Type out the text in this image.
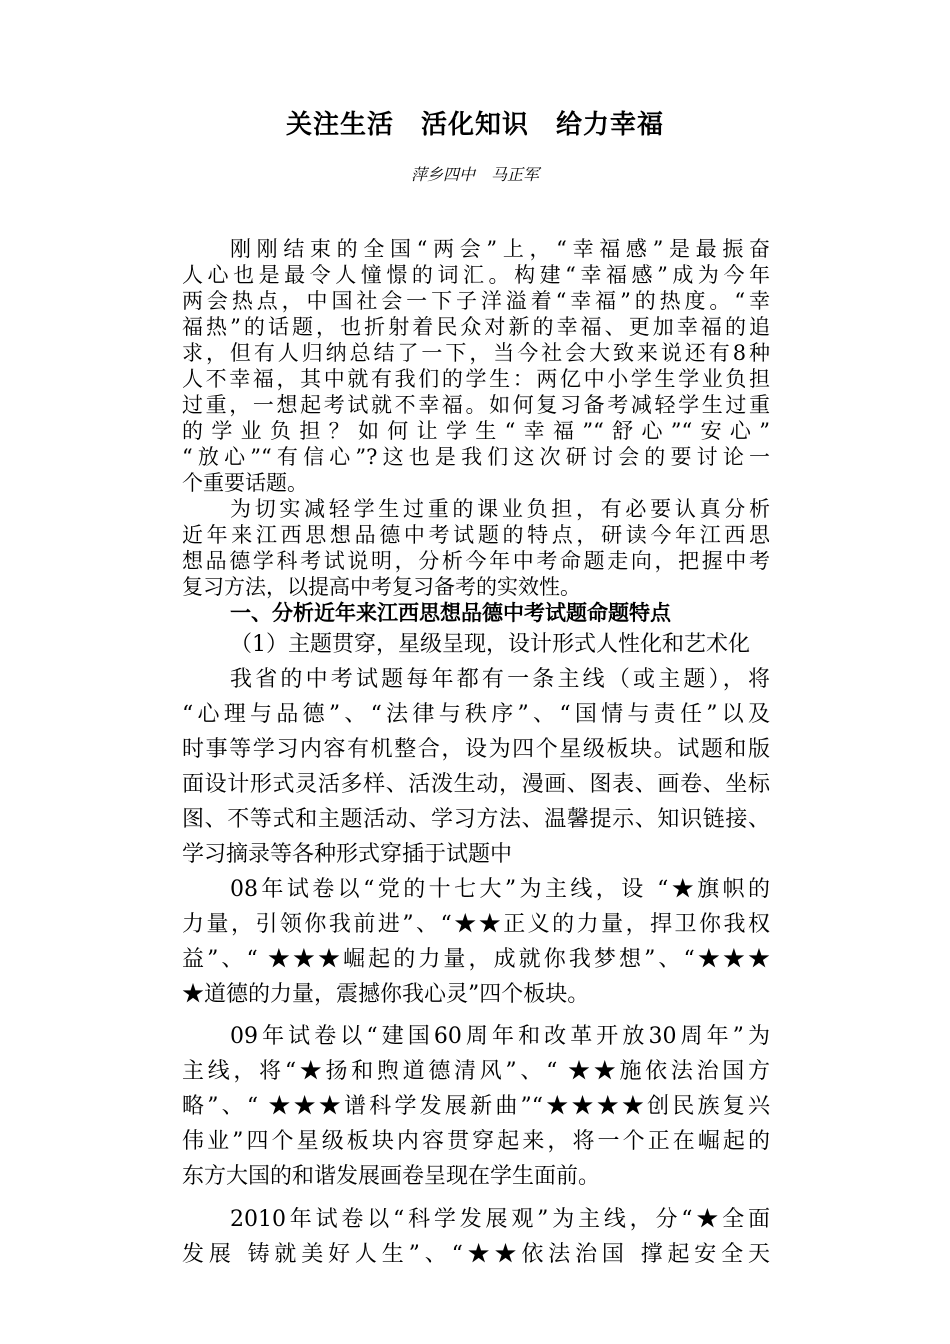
关注生活　活化知识　给力幸福
萍乡四中　马正军
刚刚结束的全国“两会”上，“幸福感”是最振奋
人心也是最令人憧憬的词汇。构建“幸福感”成为今年
两会热点，中国社会一下子洋溢着“幸福”的热度。“幸
福热”的话题，也折射着民众对新的幸福、更加幸福的追
求，但有人归纳总结了一下，当今社会大致来说还有8种
人不幸福，其中就有我们的学生：两亿中小学生学业负担
过重，一想起考试就不幸福。如何复习备考减轻学生过重
的学业负担？如何让学生“幸福”“舒心”“安心”
“放心”“有信心”?这也是我们这次研讨会的要讨论一
个重要话题。
为切实减轻学生过重的课业负担，有必要认真分析
近年来江西思想品德中考试题的特点，研读今年江西思
想品德学科考试说明，分析今年中考命题走向，把握中考
复习方法，以提高中考复习备考的实效性。
一、分析近年来江西思想品德中考试题命题特点
（1）主题贯穿，星级呈现，设计形式人性化和艺术化
我省的中考试题每年都有一条主线（或主题），将
“心理与品德”、“法律与秩序”、“国情与责任”以及
时事等学习内容有机整合，设为四个星级板块。试题和版
面设计形式灵活多样、活泼生动，漫画、图表、画卷、坐标
图、不等式和主题活动、学习方法、温馨提示、知识链接、
学习摘录等各种形式穿插于试题中
08年试卷以“党的十七大”为主线，设 “★旗帜的
力量，引领你我前进”、“★★正义的力量，捍卫你我权
益”、“ ★★★崛起的力量，成就你我梦想”、“★★★
★道德的力量，震撼你我心灵”四个板块。
09年试卷以“建国60周年和改革开放30周年”为
主线，将“★扬和煦道德清风”、“ ★★施依法治国方
略”、“ ★★★谱科学发展新曲”“★★★★创民族复兴
伟业”四个星级板块内容贯穿起来，将一个正在崛起的
东方大国的和谐发展画卷呈现在学生面前。
2010年试卷以“科学发展观”为主线，分“★全面
发展 铸就美好人生”、“★★依法治国 撑起安全天
